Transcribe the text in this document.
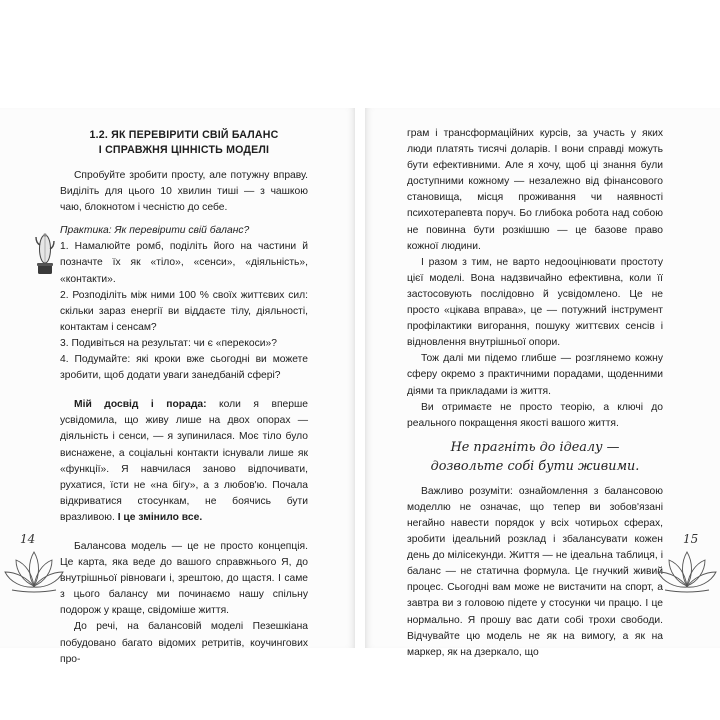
1.2. ЯК ПЕРЕВІРИТИ СВІЙ БАЛАНС
І СПРАВЖНЯ ЦІННІСТЬ МОДЕЛІ

Спробуйте зробити просту, але потужну вправу. Виділіть для цього 10 хвилин тиші — з чашкою чаю, блокнотом і чесністю до себе.

Практика: Як перевірити свій баланс?

1. Намалюйте ромб, поділіть його на частини й позначте їх як «тіло», «сенси», «діяльність», «контакти».

2. Розподіліть між ними 100 % своїх життєвих сил: скільки зараз енергії ви віддаєте тілу, діяльності, контактам і сенсам?

3. Подивіться на результат: чи є «перекоси»?

4. Подумайте: які кроки вже сьогодні ви можете зробити, щоб додати уваги занедбаній сфері?

Мій досвід і порада: коли я вперше усвідомила, що живу лише на двох опорах — діяльність і сенси, — я зупинилася. Моє тіло було виснажене, а соціальні контакти існували лише як «функції». Я навчилася заново відпочивати, рухатися, їсти не «на бігу», а з любов'ю. Почала відкриватися стосункам, не боячись бути вразливою. І це змінило все.

Балансова модель — це не просто концепція. Це карта, яка веде до вашого справжнього Я, до внутрішньої рівноваги і, зрештою, до щастя. І саме з цього балансу ми починаємо нашу спільну подорож у краще, свідоміше життя.

До речі, на балансовій моделі Пезешкіана побудовано багато відомих ретритів, коучингових про-

14

грам і трансформаційних курсів, за участь у яких люди платять тисячі доларів. І вони справді можуть бути ефективними. Але я хочу, щоб ці знання були доступними кожному — незалежно від фінансового становища, місця проживання чи наявності психотерапевта поруч. Бо глибока робота над собою не повинна бути розкішшю — це базове право кожної людини.

І разом з тим, не варто недооцінювати простоту цієї моделі. Вона надзвичайно ефективна, коли її застосовують послідовно й усвідомлено. Це не просто «цікава вправа», це — потужний інструмент профілактики вигорання, пошуку життєвих сенсів і відновлення внутрішньої опори.

Тож далі ми підемо глибше — розглянемо кожну сферу окремо з практичними порадами, щоденними діями та прикладами із життя.

Ви отримаєте не просто теорію, а ключі до реального покращення якості вашого життя.

Не прагніть до ідеалу —
дозвольте собі бути живими.

Важливо розуміти: ознайомлення з балансовою моделлю не означає, що тепер ви зобов'язані негайно навести порядок у всіх чотирьох сферах, зробити ідеальний розклад і збалансувати кожен день до мілісекунди. Життя — не ідеальна таблиця, і баланс — не статична формула. Це гнучкий живий процес. Сьогодні вам може не вистачити на спорт, а завтра ви з головою підете у стосунки чи працю. І це нормально. Я прошу вас дати собі трохи свободи. Відчувайте цю модель не як на вимогу, а як на маркер, як на дзеркало, що

15
